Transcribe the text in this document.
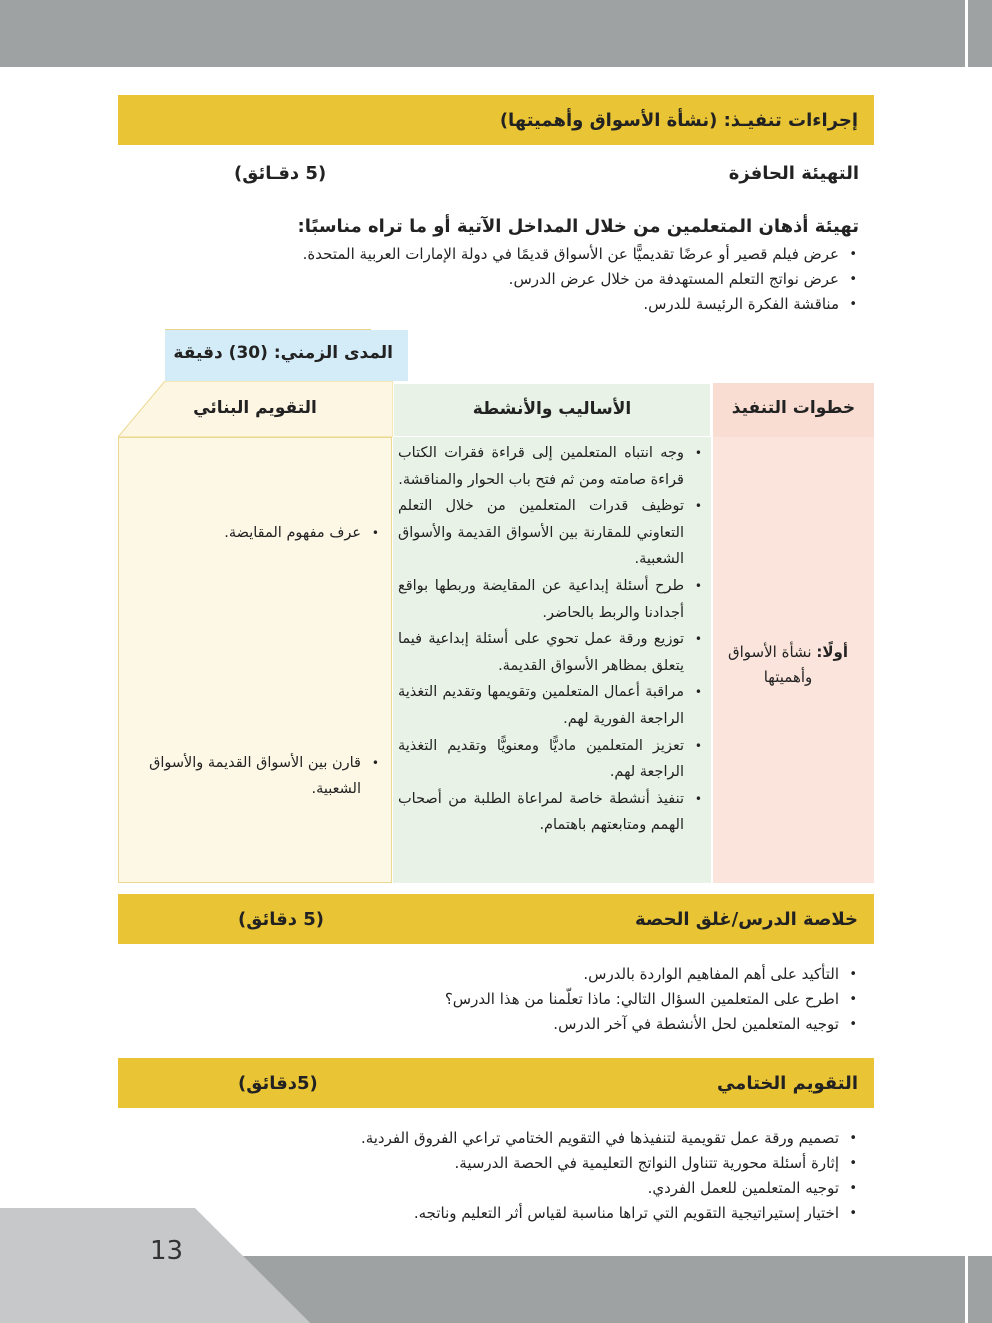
إجراءات تنفيـذ: (نشأة الأسواق وأهميتها)
التهيئة الحافزة
(5 دقـائق)
تهيئة أذهان المتعلمين من خلال المداخل الآتية أو ما تراه مناسبًا:
• عرض فيلم قصير أو عرضًا تقديميًّا عن الأسواق قديمًا في دولة الإمارات العربية المتحدة.
• عرض نواتج التعلم المستهدفة من خلال عرض الدرس.
• مناقشة الفكرة الرئيسة للدرس.
المدى الزمني: (30) دقيقة
الأساليب والأنشطة	خطوات التنفيذ
التقويم البنائي
أولًا: نشأة الأسواق وأهميتها
• وجه انتباه المتعلمين إلى قراءة فقرات الكتاب قراءة صامته ومن ثم فتح باب الحوار والمناقشة.
• توظيف قدرات المتعلمين من خلال التعلم التعاوني للمقارنة بين الأسواق القديمة والأسواق الشعبية.
• طرح أسئلة إبداعية عن المقايضة وربطها بواقع أجدادنا والربط بالحاضر.
• توزيع ورقة عمل تحوي على أسئلة إبداعية فيما يتعلق بمظاهر الأسواق القديمة.
• مراقبة أعمال المتعلمين وتقويمها وتقديم التغذية الراجعة الفورية لهم.
• تعزيز المتعلمين ماديًّا ومعنويًّا وتقديم التغذية الراجعة لهم.
• تنفيذ أنشطة خاصة لمراعاة الطلبة من أصحاب الهمم ومتابعتهم باهتمام.
• عرف مفهوم المقايضة.
• قارن بين الأسواق القديمة والأسواق الشعبية.
خلاصة الدرس/غلق الحصة
(5 دقائق)
• التأكيد على أهم المفاهيم الواردة بالدرس.
• اطرح على المتعلمين السؤال التالي: ماذا تعلّمنا من هذا الدرس؟
• توجيه المتعلمين لحل الأنشطة في آخر الدرس.
التقويم الختامي
(5دقائق)
• تصميم ورقة عمل تقويمية لتنفيذها في التقويم الختامي تراعي الفروق الفردية.
• إثارة أسئلة محورية تتناول النواتج التعليمية في الحصة الدرسية.
• توجيه المتعلمين للعمل الفردي.
• اختيار إستيراتيجية التقويم التي تراها مناسبة لقياس أثر التعليم وناتجه.
13
